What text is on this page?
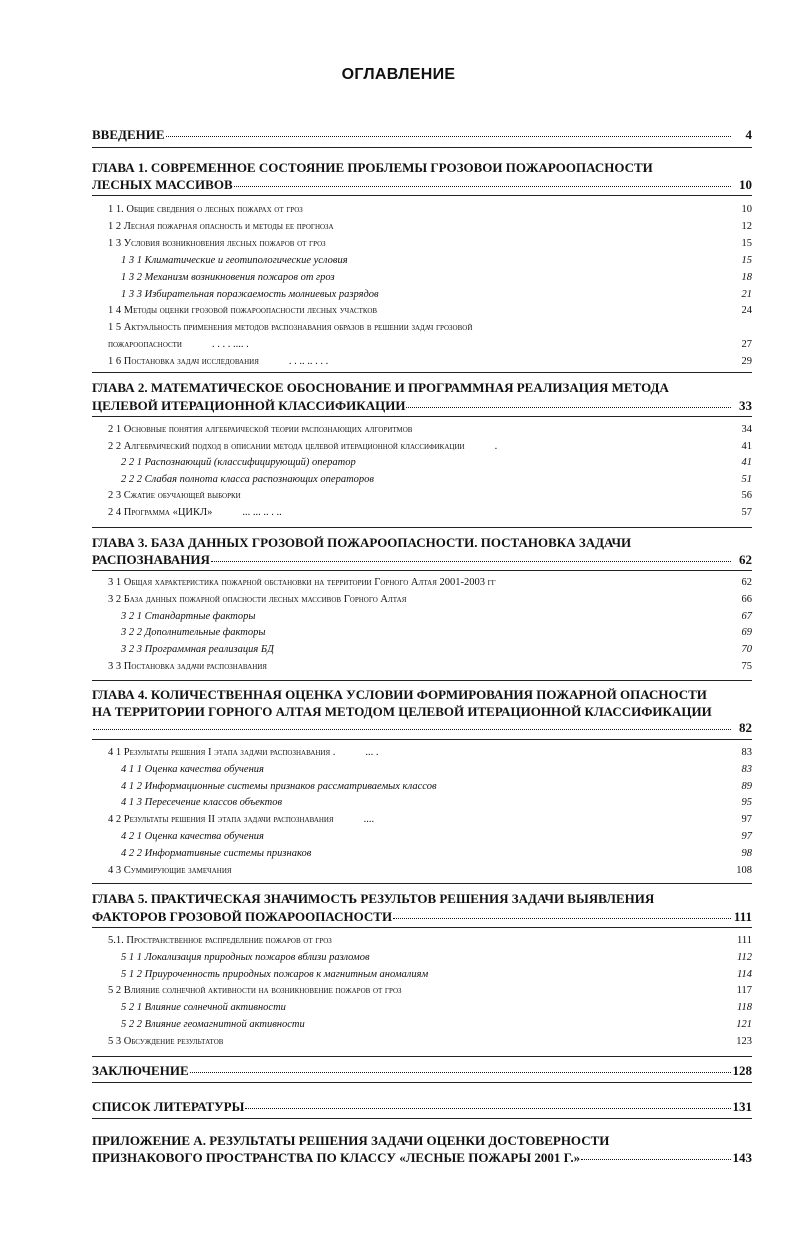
ОГЛАВЛЕНИЕ
ВВЕДЕНИЕ	4
ГЛАВА 1. СОВРЕМЕННОЕ СОСТОЯНИЕ ПРОБЛЕМЫ ГРОЗОВОИ ПОЖАРООПАСНОСТИ
ЛЕСНЫХ МАССИВОВ	10
1 1. Общие сведения о лесных пожарах от гроз	10
1 2 Лесная пожарная опасность и методы ее прогноза	12
1 3 Условия возникновения лесных пожаров от гроз	15
1 3 1 Климатические и геотипологические условия	15
1 3 2 Механизм возникновения пожаров от гроз	18
1 3 3 Избирательная поражаемость молниевых разрядов	21
1 4 Методы оценки грозовой пожароопасности лесных участков	24
1 5 Актуальность применения методов распознавания образов в решении задач грозовой
пожароопасности	. . . . .... .	27
1 6 Постановка задач исследования	. . .. .. . . .	29
ГЛАВА 2. МАТЕМАТИЧЕСКОЕ ОБОСНОВАНИЕ И ПРОГРАММНАЯ РЕАЛИЗАЦИЯ МЕТОДА
ЦЕЛЕВОЙ ИТЕРАЦИОННОЙ КЛАССИФИКАЦИИ	33
2 1 Основные понятия алгебраической теории распознающих алгоритмов	34
2 2 Алгебраический подход в описании метода целевой итерационной классификации	.	41
2 2 1 Распознающий (классифицирующий) оператор	41
2 2 2 Слабая полнота класса распознающих операторов	51
2 3 Сжатие обучающей выборки	56
2 4 Программа «ЦИКЛ»	... ... .. . ..	57
ГЛАВА 3. БАЗА ДАННЫХ ГРОЗОВОЙ ПОЖАРООПАСНОСТИ. ПОСТАНОВКА ЗАДАЧИ
РАСПОЗНАВАНИЯ	62
3 1 Общая характеристика пожарной обстановки на территории Горного Алтая 2001-2003 гг	62
3 2 База данных пожарной опасности лесных массивов Горного Алтая	66
3 2 1 Стандартные факторы	67
3 2 2 Дополнительные факторы	69
3 2 3 Программная реализация БД	70
3 3 Постановка задачи распознавания	75
ГЛАВА 4. КОЛИЧЕСТВЕННАЯ ОЦЕНКА УСЛОВИИ ФОРМИРОВАНИЯ ПОЖАРНОЙ ОПАСНОСТИ
НА ТЕРРИТОРИИ ГОРНОГО АЛТАЯ МЕТОДОМ ЦЕЛЕВОЙ ИТЕРАЦИОННОЙ КЛАССИФИКАЦИИ
82
4 1 Результаты решения I этапа задачи распознавания .	... .	83
4 1 1 Оценка качества обучения	83
4 1 2 Информационные системы признаков рассматриваемых классов	89
4 1 3 Пересечение классов объектов	95
4 2 Результаты решения II этапа задачи распознавания	....	97
4 2 1 Оценка качества обучения	97
4 2 2 Информативные системы признаков	98
4 3 Суммирующие замечания	108
ГЛАВА 5. ПРАКТИЧЕСКАЯ ЗНАЧИМОСТЬ РЕЗУЛЬТОВ РЕШЕНИЯ ЗАДАЧИ ВЫЯВЛЕНИЯ
ФАКТОРОВ ГРОЗОВОЙ ПОЖАРООПАСНОСТИ	111
5.1. Пространственное распределение пожаров от гроз	111
5 1 1 Локализация природных пожаров вблизи разломов	112
5 1 2 Приуроченность природных пожаров к магнитным аномалиям	114
5 2 Влияние солнечной активности на возникновение пожаров от гроз	117
5 2 1 Влияние солнечной активности	118
5 2 2 Влияние геомагнитной активности	121
5 3 Обсуждение результатов	123
ЗАКЛЮЧЕНИЕ	128
СПИСОК ЛИТЕРАТУРЫ	131
ПРИЛОЖЕНИЕ А. РЕЗУЛЬТАТЫ РЕШЕНИЯ ЗАДАЧИ ОЦЕНКИ ДОСТОВЕРНОСТИ
ПРИЗНАКОВОГО ПРОСТРАНСТВА ПО КЛАССУ «ЛЕСНЫЕ ПОЖАРЫ 2001 Г.»	143
